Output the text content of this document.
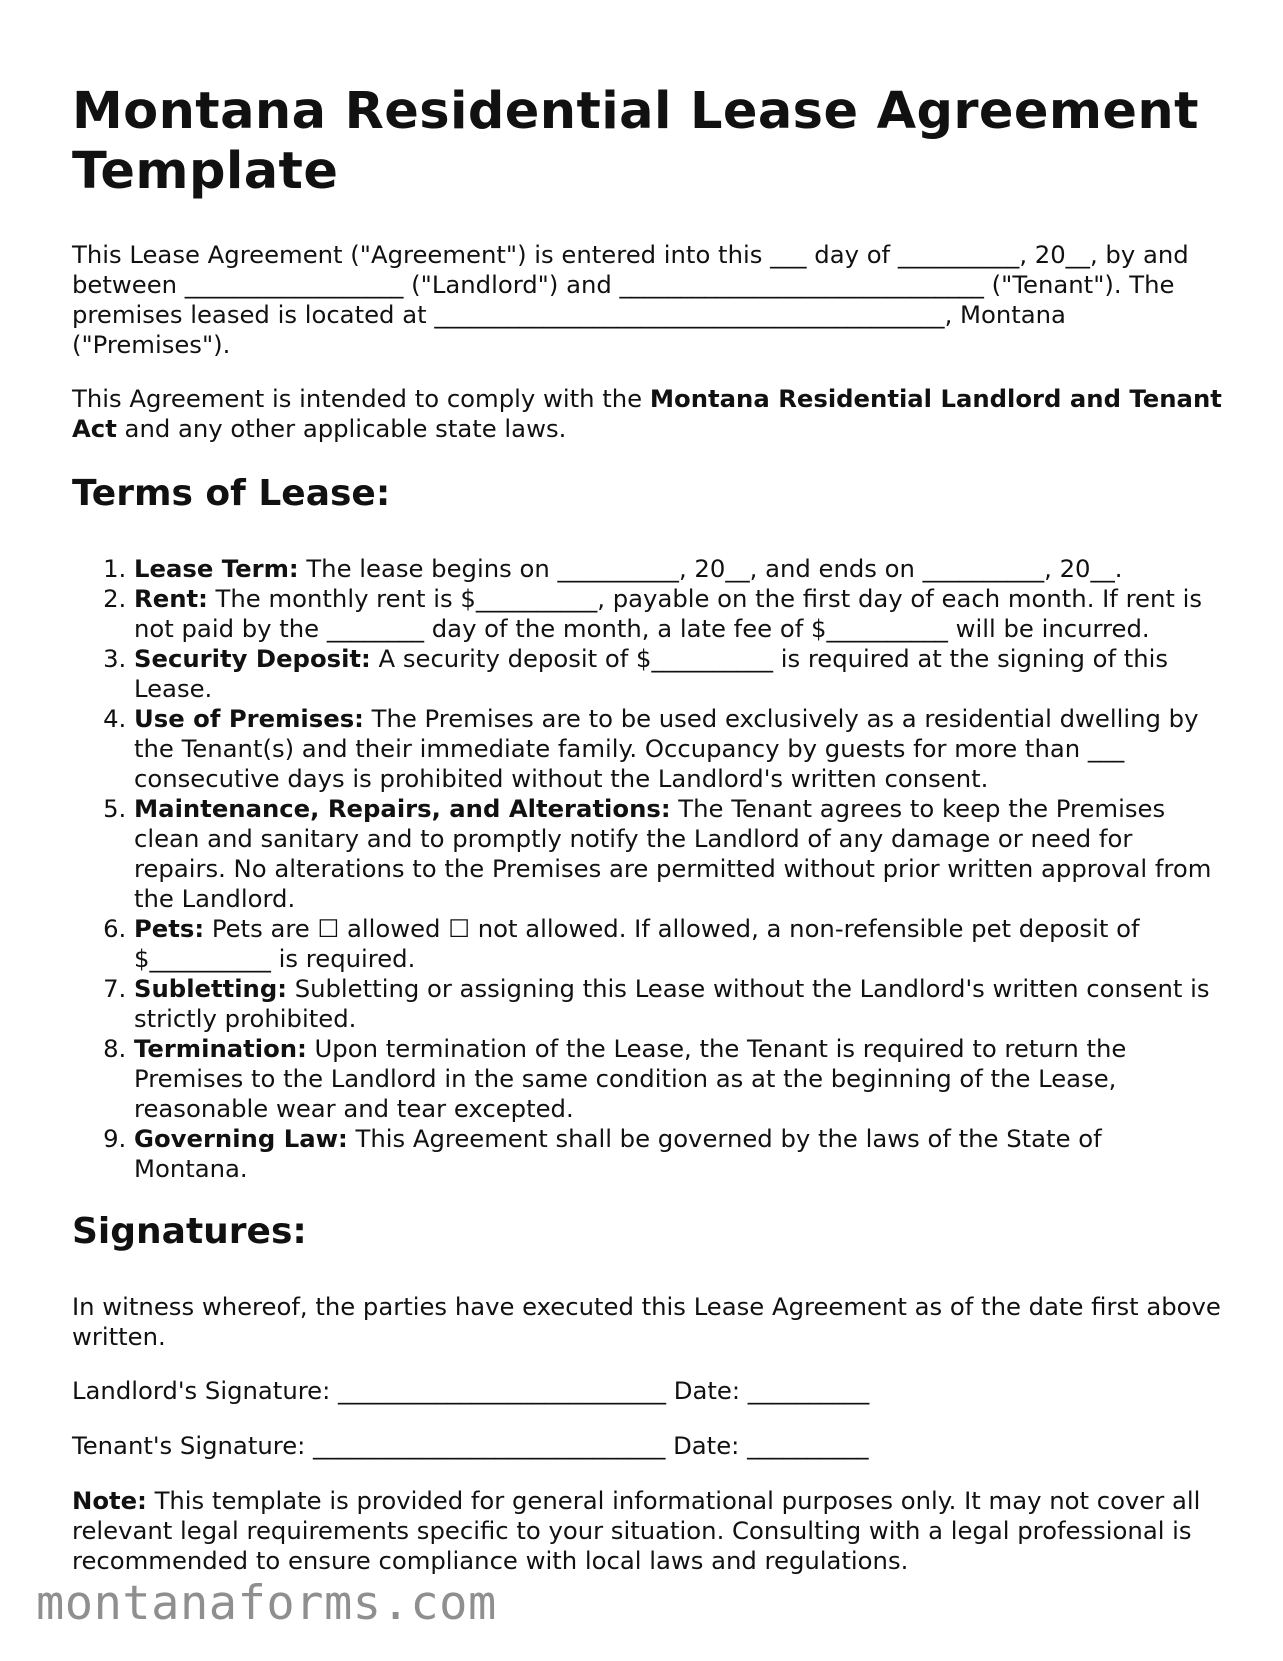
Montana Residential Lease Agreement Template

This Lease Agreement ("Agreement") is entered into this ___ day of __________, 20__, by and between __________________ ("Landlord") and ______________________________ ("Tenant"). The premises leased is located at __________________________________________, Montana ("Premises").

This Agreement is intended to comply with the Montana Residential Landlord and Tenant Act and any other applicable state laws.

Terms of Lease:
1. Lease Term: The lease begins on __________, 20__, and ends on __________, 20__.
2. Rent: The monthly rent is $__________, payable on the first day of each month. If rent is not paid by the ________ day of the month, a late fee of $__________ will be incurred.
3. Security Deposit: A security deposit of $__________ is required at the signing of this Lease.
4. Use of Premises: The Premises are to be used exclusively as a residential dwelling by the Tenant(s) and their immediate family. Occupancy by guests for more than ___ consecutive days is prohibited without the Landlord's written consent.
5. Maintenance, Repairs, and Alterations: The Tenant agrees to keep the Premises clean and sanitary and to promptly notify the Landlord of any damage or need for repairs. No alterations to the Premises are permitted without prior written approval from the Landlord.
6. Pets: Pets are ☐ allowed ☐ not allowed. If allowed, a non-refensible pet deposit of $__________ is required.
7. Subletting: Subletting or assigning this Lease without the Landlord's written consent is strictly prohibited.
8. Termination: Upon termination of the Lease, the Tenant is required to return the Premises to the Landlord in the same condition as at the beginning of the Lease, reasonable wear and tear excepted.
9. Governing Law: This Agreement shall be governed by the laws of the State of Montana.
Signatures:

In witness whereof, the parties have executed this Lease Agreement as of the date first above written.

Landlord's Signature: ___________________________ Date: __________

Tenant's Signature: _____________________________ Date: __________

Note: This template is provided for general informational purposes only. It may not cover all relevant legal requirements specific to your situation. Consulting with a legal professional is recommended to ensure compliance with local laws and regulations.

montanaforms.com
